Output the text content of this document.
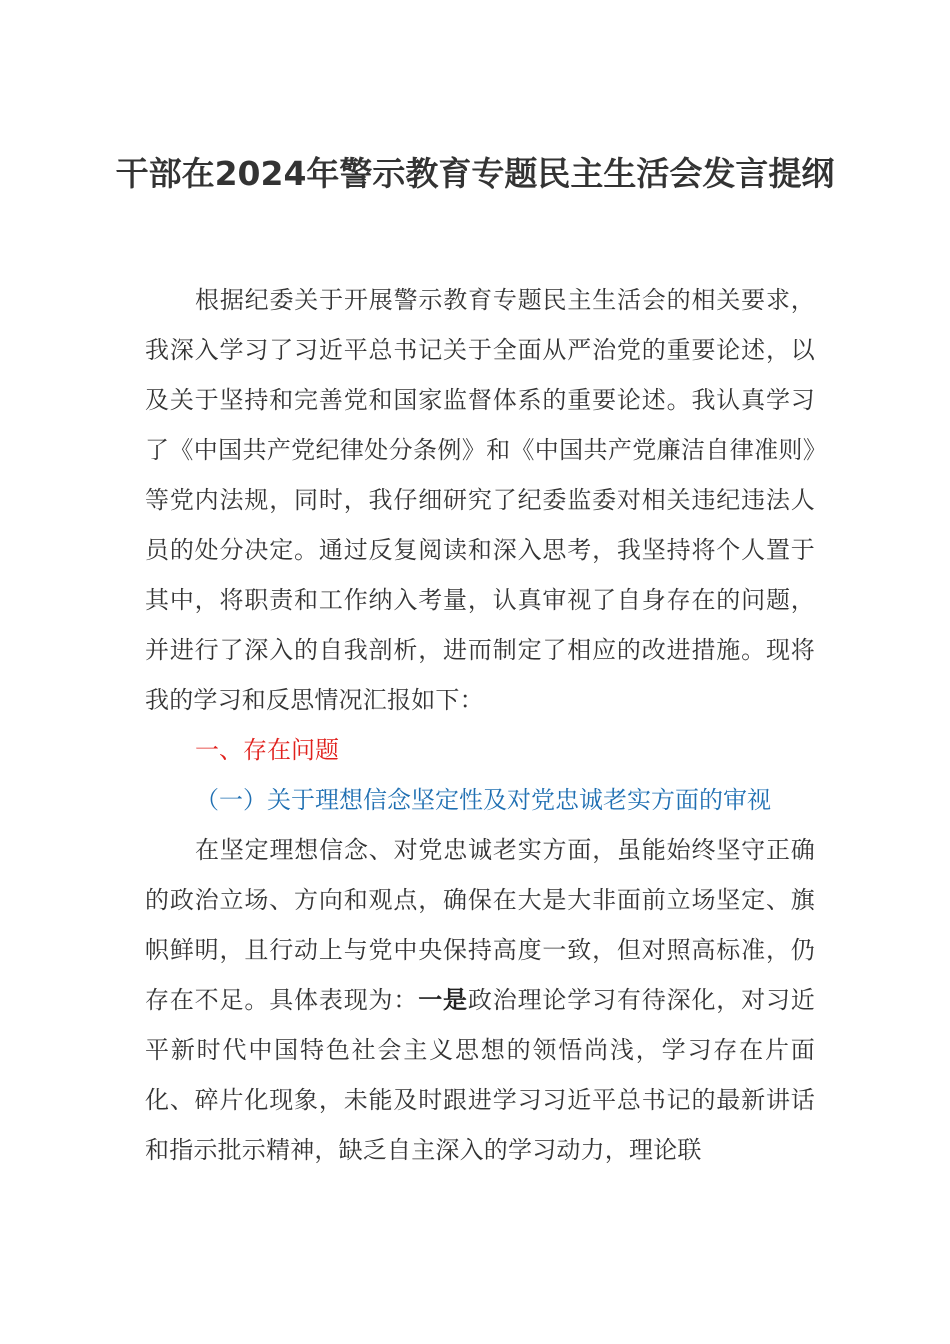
干部在2024年警示教育专题民主生活会发言提纲

根据纪委关于开展警示教育专题民主生活会的相关要求，我深入学习了习近平总书记关于全面从严治党的重要论述，以及关于坚持和完善党和国家监督体系的重要论述。我认真学习了《中国共产党纪律处分条例》和《中国共产党廉洁自律准则》等党内法规，同时，我仔细研究了纪委监委对相关违纪违法人员的处分决定。通过反复阅读和深入思考，我坚持将个人置于其中，将职责和工作纳入考量，认真审视了自身存在的问题，并进行了深入的自我剖析，进而制定了相应的改进措施。现将我的学习和反思情况汇报如下：

一、存在问题

（一）关于理想信念坚定性及对党忠诚老实方面的审视

在坚定理想信念、对党忠诚老实方面，虽能始终坚守正确的政治立场、方向和观点，确保在大是大非面前立场坚定、旗帜鲜明，且行动上与党中央保持高度一致，但对照高标准，仍存在不足。具体表现为：一是政治理论学习有待深化，对习近平新时代中国特色社会主义思想的领悟尚浅，学习存在片面化、碎片化现象，未能及时跟进学习习近平总书记的最新讲话和指示批示精神，缺乏自主深入的学习动力，理论联
